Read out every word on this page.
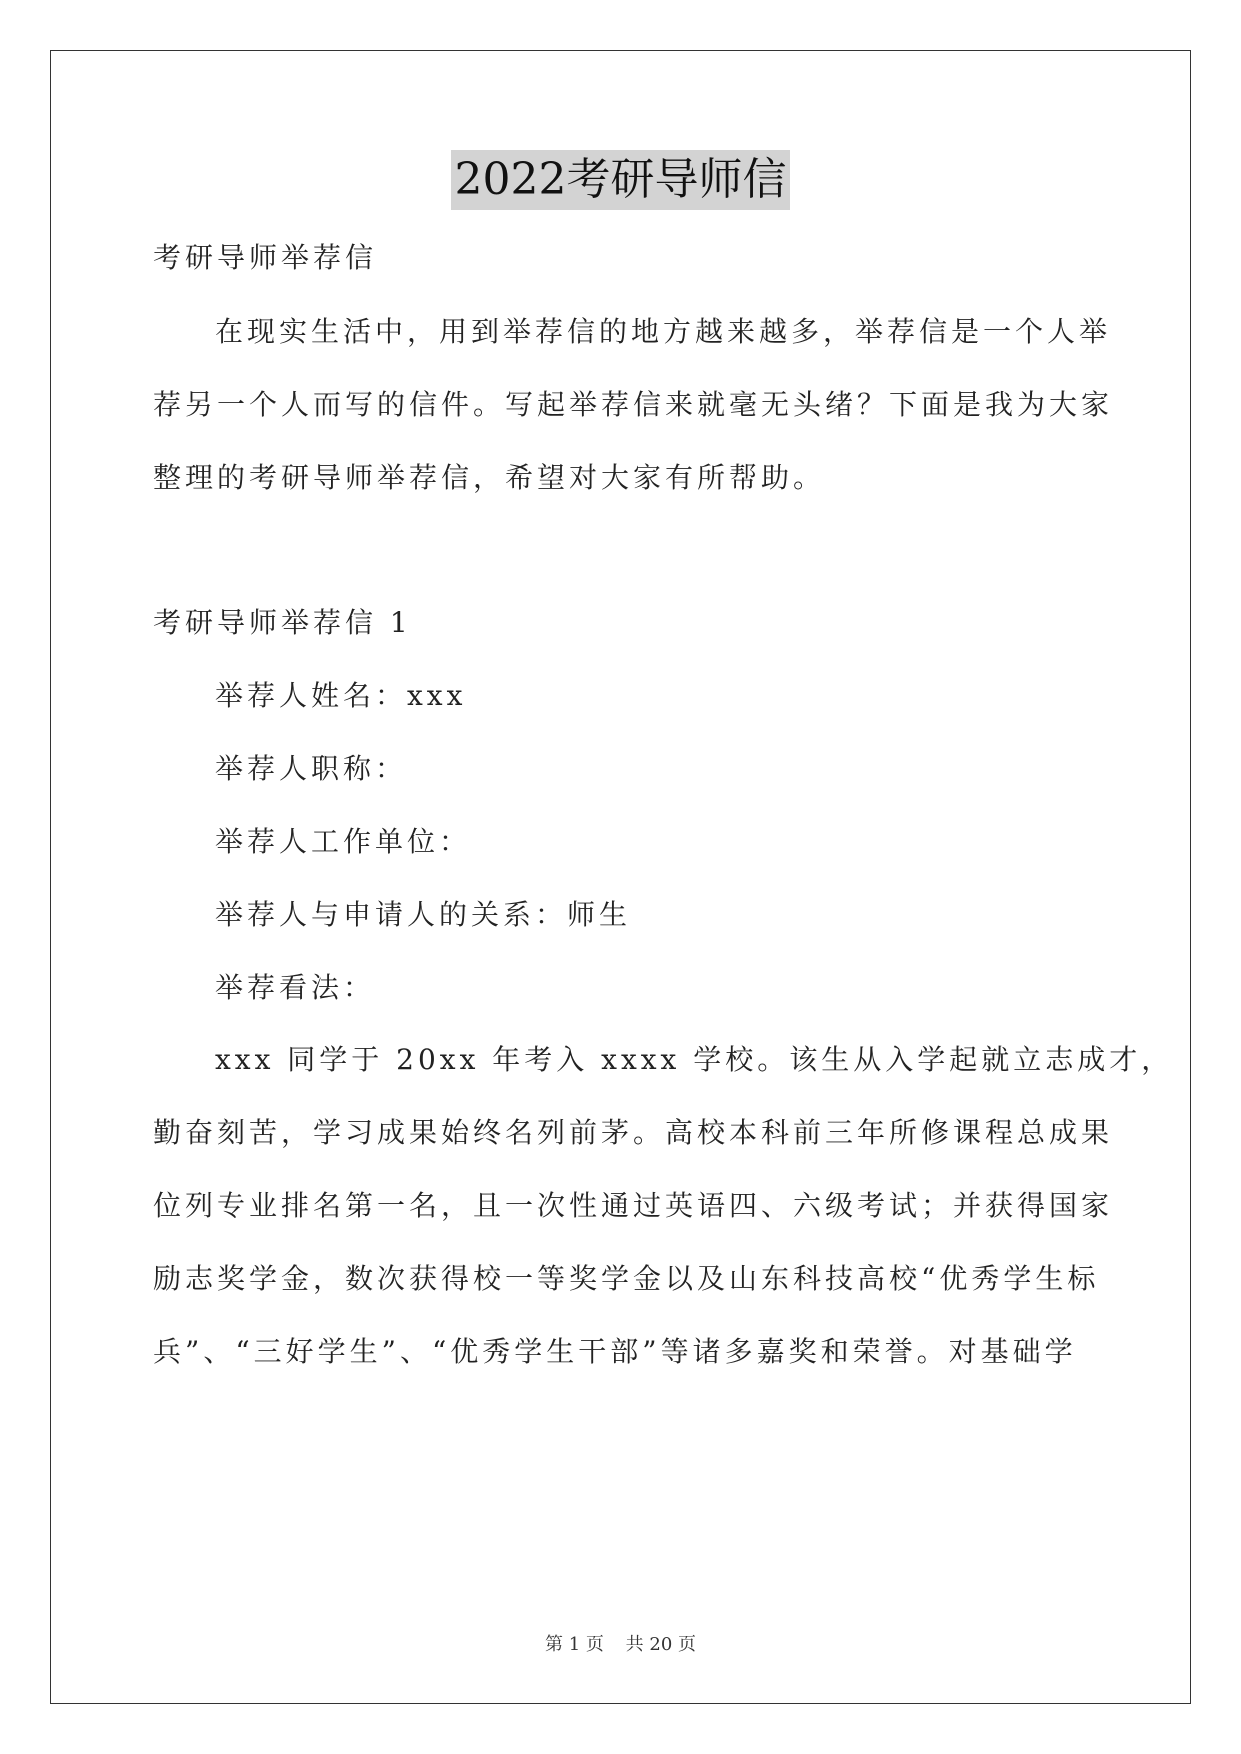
2022考研导师信
考研导师举荐信
在现实生活中，用到举荐信的地方越来越多，举荐信是一个人举
荐另一个人而写的信件。写起举荐信来就毫无头绪？下面是我为大家
整理的考研导师举荐信，希望对大家有所帮助。
考研导师举荐信 1
举荐人姓名：xxx
举荐人职称：
举荐人工作单位：
举荐人与申请人的关系：师生
举荐看法：
xxx 同学于 20xx 年考入 xxxx 学校。该生从入学起就立志成才，
勤奋刻苦，学习成果始终名列前茅。高校本科前三年所修课程总成果
位列专业排名第一名，且一次性通过英语四、六级考试；并获得国家
励志奖学金，数次获得校一等奖学金以及山东科技高校“优秀学生标
兵”、“三好学生”、“优秀学生干部”等诸多嘉奖和荣誉。对基础学
第 1 页 共 20 页
